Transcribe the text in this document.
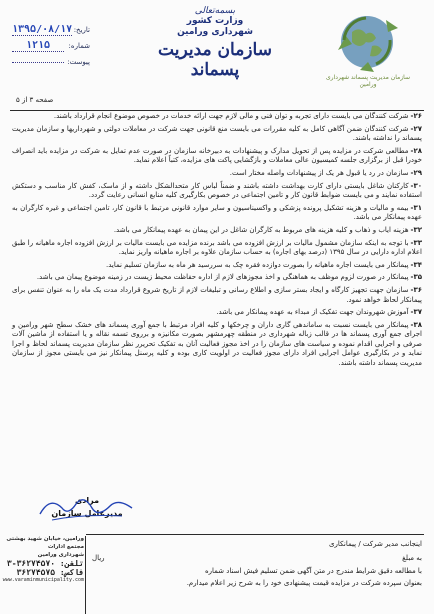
تاریخ:
۱۳۹۵/۰۸/۱۷
شماره:
۱۲۱۵
پیوست:
صفحه ۳ از ۵
بسمه‌تعالی
وزارت کشور
شهرداری ورامین
سازمان مدیریت پسماند	سازمان مدیریت پسماند شهرداری ورامین
۲۶-شرکت کنندگان می بایست دارای تجربه و توان فنی و مالی لازم جهت ارائه خدمات در خصوص موضوع انجام قرارداد باشند.
۲۷-شرکت کنندگان ضمن آگاهی کامل به کلیه مقررات می بایست منع قانونی جهت شرکت در معاملات دولتی و شهرداریها و سازمان مدیریت پسماند را نداشته باشند.
۲۸-مطالعی شرکت در مزایده پس از تحویل مدارک و پیشنهادات به دبیرخانه سازمان در صورت عدم تمایل به شرکت در مزایده باید انصراف خودرا قبل از برگزاری جلسه کمیسیون عالی معاملات و بازگشایی پاکت های مزایده، کتباً اعلام نماید.
۲۹-سازمان در رد یا قبول هر یک از پیشنهادات واصله مختار است.
۳۰-کارکنان شاغل بایستی دارای کارت بهداشت داشته باشند و ضمناً لباس کار متحدالشکل داشته و از ماسک، کفش کار مناسب و دستکش استفاده نمایند و می بایست ضوابط قانون کار و تامین اجتماعی در خصوص بکارگیری کلیه منابع انسانی رعایت گردد.
۳۱-بیمه و مالیات و هزینه تشکیل پرونده پزشکی و واکسیناسیون و سایر موارد قانونی مرتبط با قانون کار، تامین اجتماعی و غیره کارگران به عهده پیمانکار می باشد.
۳۲-هزینه ایاب و ذهاب و کلیه هزینه های مربوط به کارگران شاغل در این پیمان به عهده پیمانکار می باشد.
۳۳-با توجه به اینکه سازمان مشمول مالیات بر ارزش افزوده می باشد برنده مزایده می بایست مالیات بر ارزش افزوده اجاره ماهیانه را طبق اعلام اداره دارایی در سال ۱۳۹۵ (درصد بهای اجاره) به حساب سازمان علاوه بر اجاره ماهیانه واریز نماید.
۳۴-پیمانکار می بایست اجاره ماهیانه را بصورت دوازده فقره چک به سررسید هر ماه به سازمان تسلیم نماید.
۳۵-پیمانکار در صورت لزوم موظف به هماهنگی و اخذ مجوزهای لازم از اداره حفاظت محیط زیست در زمینه موضوع پیمان می باشد.
۳۶-سازمان جهت تجهیز کارگاه و ایجاد بستر سازی و اطلاع رسانی و تبلیغات لازم از تاریخ شروع قرارداد مدت یک ماه را به عنوان تنفس برای پیمانکار لحاظ خواهد نمود.
۳۷-آموزش شهروندان جهت تفکیک از مبداء به عهده پیمانکار می باشد.
۳۸-پیمانکار می بایست نسبت به ساماندهی گاری داران و چرخکها و کلیه افراد مرتبط با جمع آوری پسماند های خشک سطح شهر ورامین و اجرای جمع آوری پسماند ها در قالب زباله شهرداری در منطقه چهرمشهر بصورت مکانیزه و برروی تسمه نقاله و یا استفاده از ماشین آلات صرفی و اجرایی اقدام نموده و سیاست های سازمان را در اخذ مجوز فعالیت آنان به تفکیک تحریرر نظر سازمان مدیریت پسماند لحاظ و اجرا نماید و در بکارگیری عوامل اجرایی افراد دارای مجوز فعالیت در اولویت کاری بوده و کلیه پرسنل پیمانکار نیز می بایستی مجوز از سازمان مدیریت پسماند داشته باشند.
مرادی
مدیرعامل سازمان
ورامین، خیابان شهید بهشتی
مجتمع ادارات
شهرداری ورامین
تلفن: ۳۶۲۷۴۵۷۰-۳
فاکس: ۳۶۲۷۴۵۷۵
www.varaminmunicipality.com
اینجانب مدیر شرکت / پیمانکاری
به مبلغ
ریال
با مطالعه دقیق شرایط مندرج در متن آگهی ضمن تسلیم فیش اسناد شماره
بعنوان سپرده شرکت در مزایده قیمت پیشنهادی خود را به شرح زیر اعلام میدارم.
